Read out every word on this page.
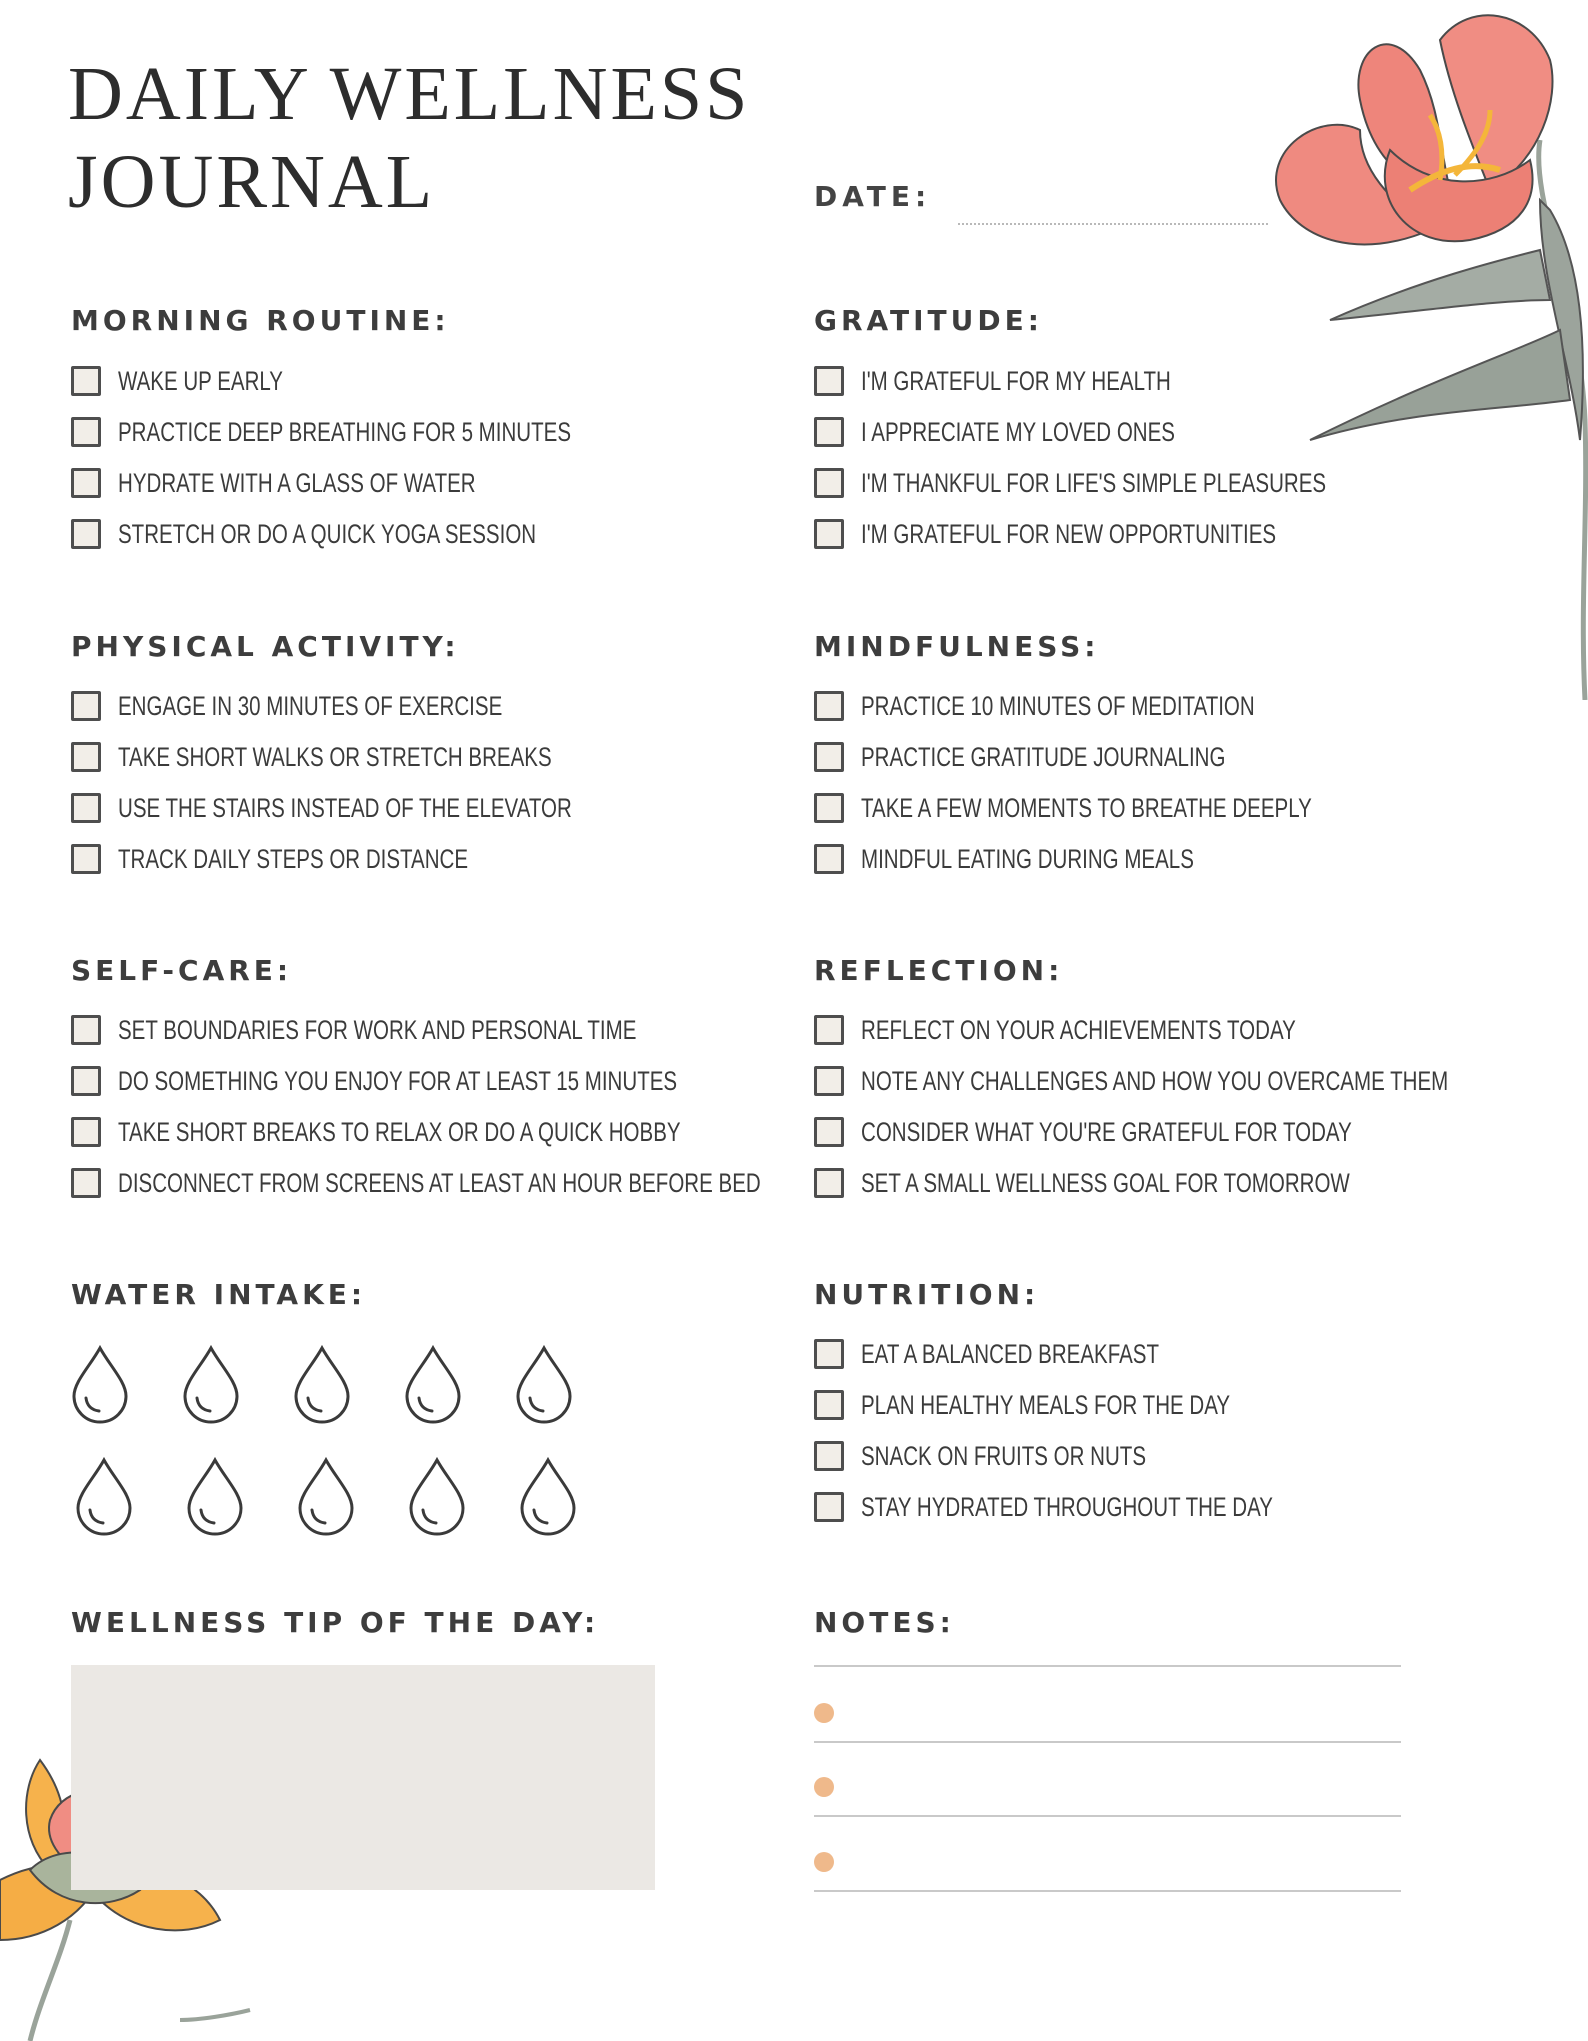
DAILY WELLNESS
JOURNAL	DATE:
MORNING ROUTINE:
WAKE UP EARLY
PRACTICE DEEP BREATHING FOR 5 MINUTES
HYDRATE WITH A GLASS OF WATER
STRETCH OR DO A QUICK YOGA SESSION
GRATITUDE:
I'M GRATEFUL FOR MY HEALTH
I APPRECIATE MY LOVED ONES
I'M THANKFUL FOR LIFE'S SIMPLE PLEASURES
I'M GRATEFUL FOR NEW OPPORTUNITIES
PHYSICAL ACTIVITY:
ENGAGE IN 30 MINUTES OF EXERCISE
TAKE SHORT WALKS OR STRETCH BREAKS
USE THE STAIRS INSTEAD OF THE ELEVATOR
TRACK DAILY STEPS OR DISTANCE
MINDFULNESS:
PRACTICE 10 MINUTES OF MEDITATION
PRACTICE GRATITUDE JOURNALING
TAKE A FEW MOMENTS TO BREATHE DEEPLY
MINDFUL EATING DURING MEALS
SELF-CARE:
SET BOUNDARIES FOR WORK AND PERSONAL TIME
DO SOMETHING YOU ENJOY FOR AT LEAST 15 MINUTES
TAKE SHORT BREAKS TO RELAX OR DO A QUICK HOBBY
DISCONNECT FROM SCREENS AT LEAST AN HOUR BEFORE BED
REFLECTION:
REFLECT ON YOUR ACHIEVEMENTS TODAY
NOTE ANY CHALLENGES AND HOW YOU OVERCAME THEM
CONSIDER WHAT YOU'RE GRATEFUL FOR TODAY
SET A SMALL WELLNESS GOAL FOR TOMORROW
WATER INTAKE:	NUTRITION:
EAT A BALANCED BREAKFAST
PLAN HEALTHY MEALS FOR THE DAY
SNACK ON FRUITS OR NUTS
STAY HYDRATED THROUGHOUT THE DAY
WELLNESS TIP OF THE DAY:	NOTES:
